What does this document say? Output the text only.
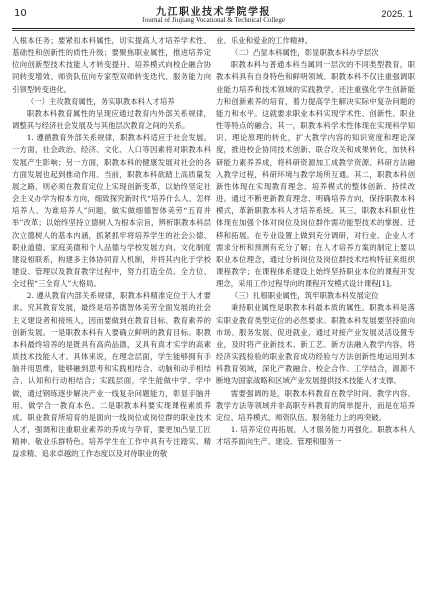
10	九江职业技术学院学报
Journal of Jiujiang Vocational & Technical College	2025. 1

人根本任务；要紧扣本科属性，切实提高人才培养学术性、基础性和创新性的质性升级；要聚焦职业属性，推进培养定位向创新型技术技能人才转变提升、培养模式向校企融合协同转变增效、师资队伍向专家型双师转变迭代、服务能力向引领型转变进化。

（一）主攻教育属性，务实职教本科人才培养

职教本科教育属性的呈现应通过教育内外部关系规律，调整其与经济社会发展及与其他层次教育之间的关系。

1. 遵循教育外部关系规律，职教本科适应于社会发展。一方面，社会政治、经济、文化、人口等因素将对职教本科发展产生影响；另一方面，职教本科的健康发展对社会的各方面发展也起到推动作用。当前，职教本科欲踏上高质量发展之路，则必须在教育定位上实现创新变革，以始终坚定社会主义办学为根本方向，细致探究新时代“培养什么人、怎样培养人、为谁培养人”问题，做实做细德智体美劳“五育并举”改革；以始终坚持立德树人为根本宗旨，辨析职教本科层次立德树人的基本内涵，抓紧抓牢将培养学生的社会公德、职业道德、家庭美德和个人品德与学校发展方向、文化制度建设相联系，构建多主体协同育人机制，并将其内化于学校建设、管理以及教育教学过程中，努力打造全员、全方位、全过程“三全育人”大格局。

2. 遵从教育内部关系规律，职教本科精准定位于人才要求。究其教育发展，最终是培养德智体美劳全面发展的社会主义建设者和接班人，因而要做到在教育目标、教育素养的创新发展。一是职教本科有人要确立鲜明的教育目标。职教本科最终培养的是既具有高尚品德，又具有真才实学的高素质技术技能人才。具体来说，在理念层面，学生能够拥有手脑并用思维，能够融到思考和实践相结合、动脑和动手相结合、认知和行动相结合；实践层面，学生能做中学、学中做，通过钢练逐步解决产业一线复杂问题能力，彰显手脑并用、做学合一教育本色。二是职教本科要实现课程素质养成。职业教育所培育的是面向一线岗位或岗位群的职业技术人才，强调和注重职业素养的养成与孕育，要更加凸显工匠精神、敬业乐群特色。培养学生在工作中具有专注踏实、精益求精、追求卓越的工作态度以及对待职业的敬

业、乐业和爱业的工作精神。

（二）凸显本科属性，彰显职教本科办学层次

职教本科与普通本科当属同一层次的不同类型教育，职教本科具有自身特色和鲜明领域。职教本科不仅注重强调职业能力培养和技术领域的实践教学，还注重强化学生创新能力和创新素养的培育，着力提高学生解决实际中复杂问题的能力和水平。这就要求职业本科实现学术性、创新性、职业性等特点的融合。其一，职教本科学术性体现在实现科学知识、理论原理的转化，扩大教学内容的知识宽度和理论深度，推进校企协同技术创新、联合攻关和成果转化，加快科研能力素养养成，将科研资源加工成教学资源、科研方法融入教学过程，科研环境与教学场所互通。其二，职教本科创新性体现在实现教育理念、培养模式的整体创新、持续改进。通过不断更新教育理念、明确培养方向，保持职教本科模式，革新职教本科人才培养系统。其三，职教本科职业性体现在加强个体对岗位及岗位群作需功能型技术的掌握、迁移和拓展。在专业设置上做到充分调研，对行业、企业人才需求分析和预测有充分了解；在人才培养方案的制定上要以职业本位理念，通过分析岗位及岗位群技术结构特征来组织课程教学；在课程体系建设上始终坚持职业本位的课程开发理念，采用工作过程导向的课程开发模式设计课程[1]。

（三）扎根职业属性，筑牢职教本科发展定位

秉持职业属性是职教本科最本质的属性。职教本科是落实职业教育类型定位的必然要求。职教本科发展要坚持面向市场、服务发展、促进就业，通过对接产业发展灵活设置专业，及时将产业新技术、新工艺、新方法融入教学内容，将经济实践检验的职业教育成功经验与方法创新性地运用到本科教育领域，深化产教融合、校企合作、工学结合，源源不断地为国家战略和区域产业发展提供技术技能人才支撑。

需要强调的是，职教本科教育在教学时间、教学内容、教学方法等领域并非高职专科教育的简单提升，而是在培养定位、培养模式、师资队伍、服务能力上的再突破。

1. 培养定位再拓展，人才服务能力再强化。职教本科人才培养面向生产、建设、管理和服务一
